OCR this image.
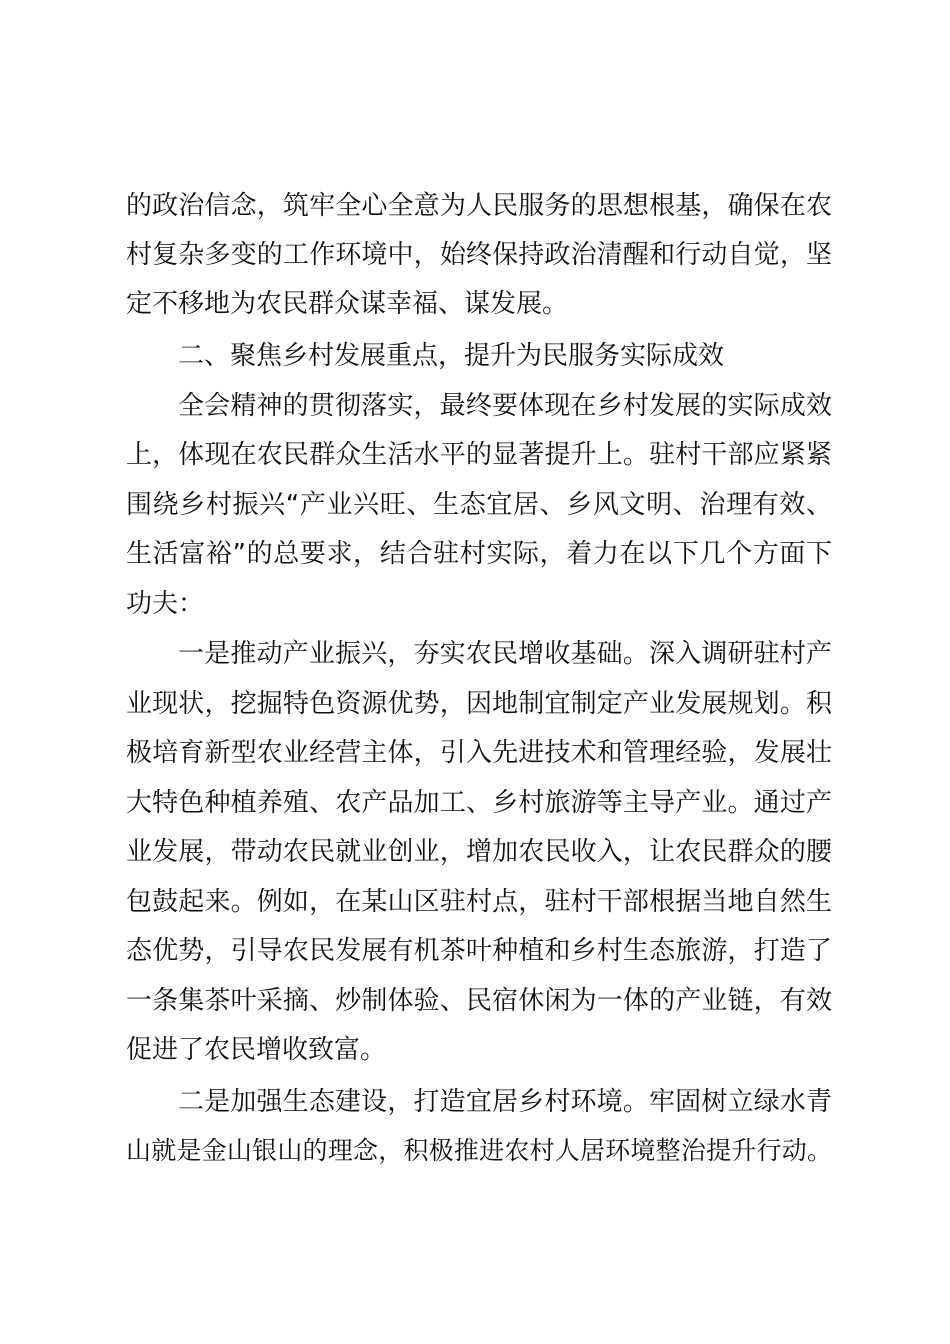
的政治信念，筑牢全心全意为人民服务的思想根基，确保在农
村复杂多变的工作环境中，始终保持政治清醒和行动自觉，坚
定不移地为农民群众谋幸福、谋发展。
二、聚焦乡村发展重点，提升为民服务实际成效
全会精神的贯彻落实，最终要体现在乡村发展的实际成效
上，体现在农民群众生活水平的显著提升上。驻村干部应紧紧
围绕乡村振兴“产业兴旺、生态宜居、乡风文明、治理有效、
生活富裕”的总要求，结合驻村实际，着力在以下几个方面下
功夫：
一是推动产业振兴，夯实农民增收基础。深入调研驻村产
业现状，挖掘特色资源优势，因地制宜制定产业发展规划。积
极培育新型农业经营主体，引入先进技术和管理经验，发展壮
大特色种植养殖、农产品加工、乡村旅游等主导产业。通过产
业发展，带动农民就业创业，增加农民收入，让农民群众的腰
包鼓起来。例如，在某山区驻村点，驻村干部根据当地自然生
态优势，引导农民发展有机茶叶种植和乡村生态旅游，打造了
一条集茶叶采摘、炒制体验、民宿休闲为一体的产业链，有效
促进了农民增收致富。
二是加强生态建设，打造宜居乡村环境。牢固树立绿水青
山就是金山银山的理念，积极推进农村人居环境整治提升行动。
